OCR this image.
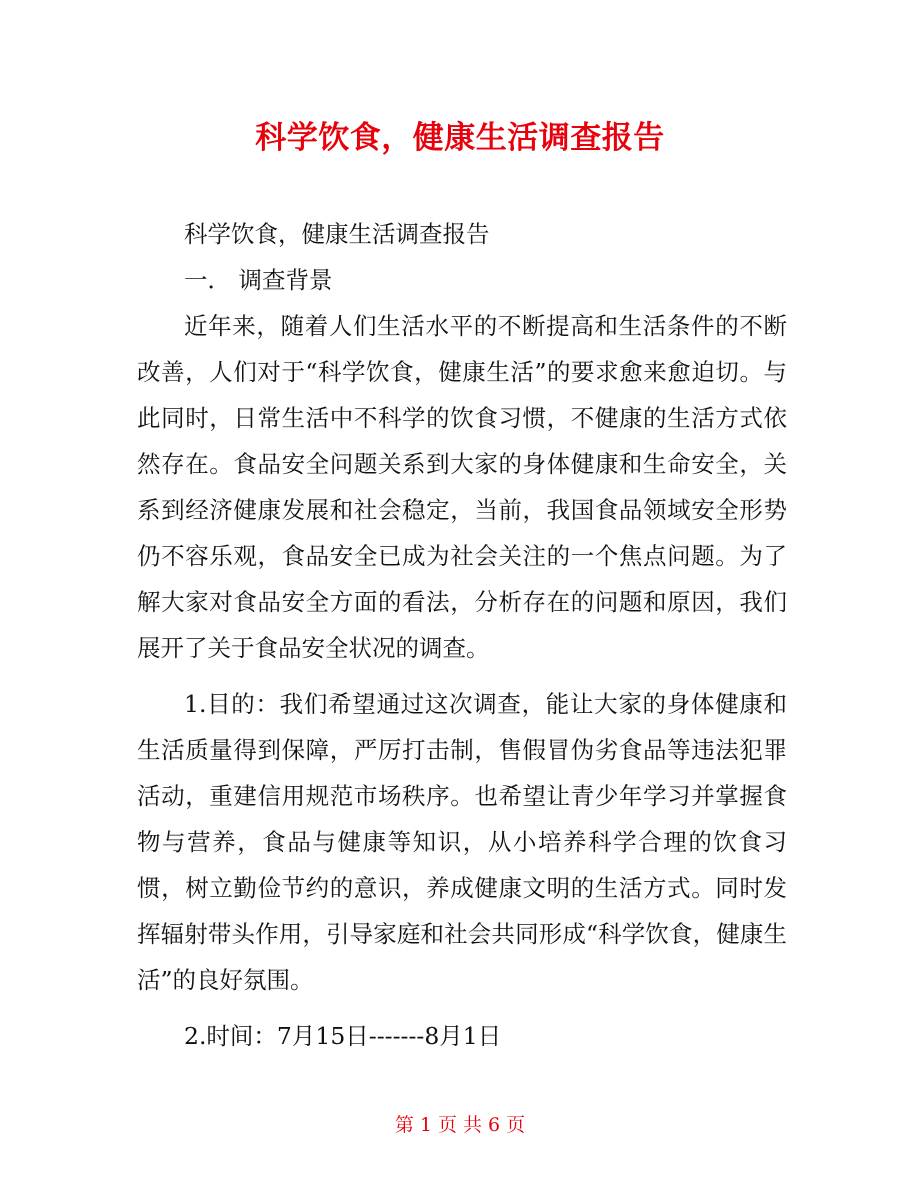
科学饮食，健康生活调查报告

科学饮食，健康生活调查报告

一． 调查背景

近年来，随着人们生活水平的不断提高和生活条件的不断改善，人们对于“科学饮食，健康生活”的要求愈来愈迫切。与此同时，日常生活中不科学的饮食习惯，不健康的生活方式依然存在。食品安全问题关系到大家的身体健康和生命安全，关系到经济健康发展和社会稳定，当前，我国食品领域安全形势仍不容乐观，食品安全已成为社会关注的一个焦点问题。为了解大家对食品安全方面的看法，分析存在的问题和原因，我们展开了关于食品安全状况的调查。

1.目的：我们希望通过这次调查，能让大家的身体健康和生活质量得到保障，严厉打击制，售假冒伪劣食品等违法犯罪活动，重建信用规范市场秩序。也希望让青少年学习并掌握食物与营养，食品与健康等知识，从小培养科学合理的饮食习惯，树立勤俭节约的意识，养成健康文明的生活方式。同时发挥辐射带头作用，引导家庭和社会共同形成“科学饮食，健康生活”的良好氛围。

2.时间：7月15日-------8月1日

第 1 页 共 6 页
